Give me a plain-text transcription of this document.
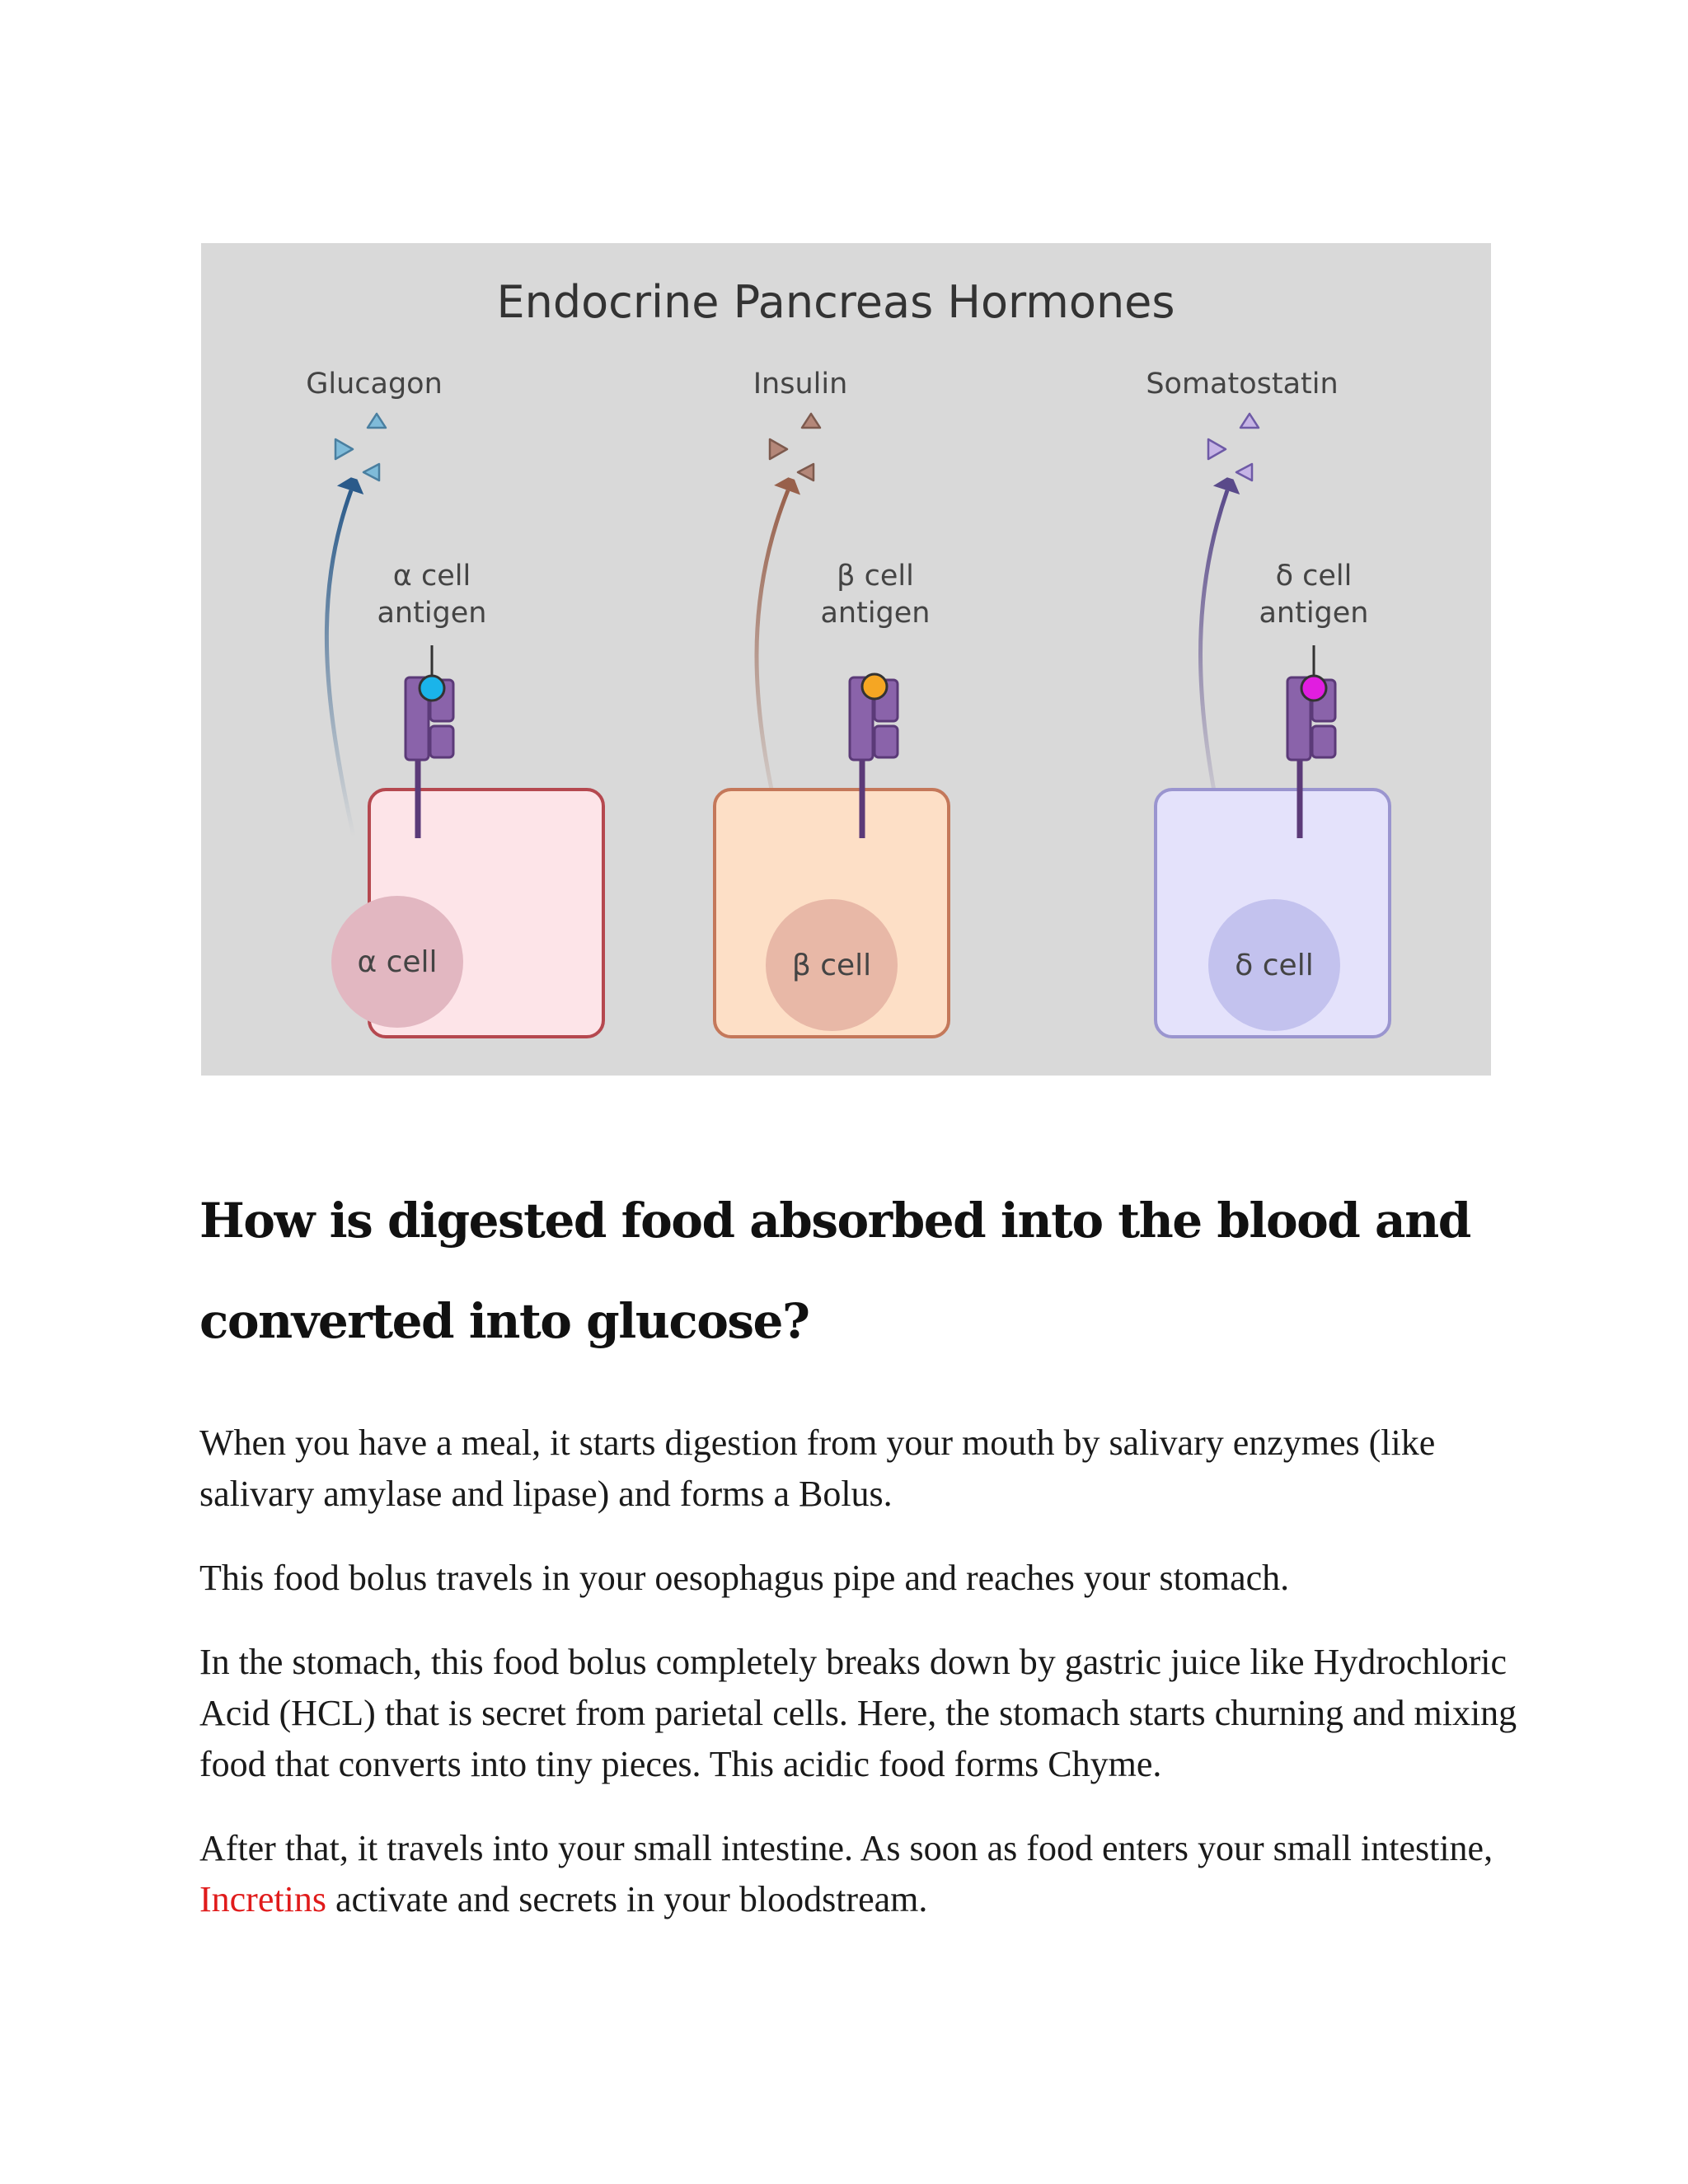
Endocrine Pancreas Hormones
Glucagon
α cell
antigen
α cell
Insulin
β cell
antigen
β cell
Somatostatin
δ cell
antigen
δ cell
How is digested food absorbed into the blood and
converted into glucose?

When you have a meal, it starts digestion from your mouth by salivary enzymes (like salivary amylase and lipase) and forms a Bolus.

This food bolus travels in your oesophagus pipe and reaches your stomach.

In the stomach, this food bolus completely breaks down by gastric juice like Hydrochloric Acid (HCL) that is secret from parietal cells. Here, the stomach starts churning and mixing food that converts into tiny pieces. This acidic food forms Chyme.

After that, it travels into your small intestine. As soon as food enters your small intestine, Incretins activate and secrets in your bloodstream.
